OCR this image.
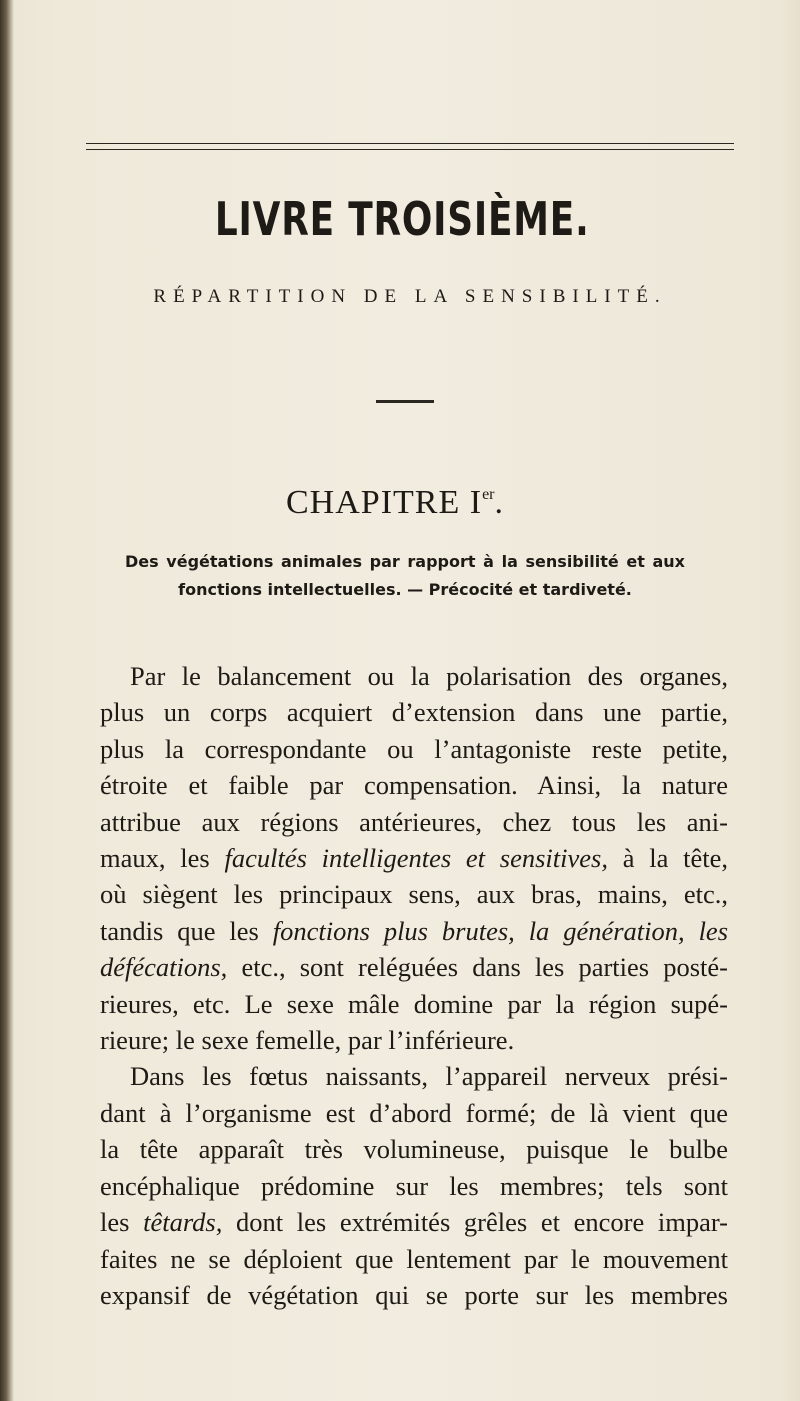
LIVRE TROISIÈME.
RÉPARTITION DE LA SENSIBILITÉ.
CHAPITRE Ier.
Des végétations animales par rapport à la sensibilité et aux fonctions intellectuelles. — Précocité et tardiveté.
Par le balancement ou la polarisation des organes,
plus un corps acquiert d’extension dans une partie,
plus la correspondante ou l’antagoniste reste petite,
étroite et faible par compensation. Ainsi, la nature
attribue aux régions antérieures, chez tous les ani-
maux, les facultés intelligentes et sensitives, à la tête,
où siègent les principaux sens, aux bras, mains, etc.,
tandis que les fonctions plus brutes, la génération, les
défécations, etc., sont reléguées dans les parties posté-
rieures, etc. Le sexe mâle domine par la région supé-
rieure; le sexe femelle, par l’inférieure.
Dans les fœtus naissants, l’appareil nerveux prési-
dant à l’organisme est d’abord formé; de là vient que
la tête apparaît très volumineuse, puisque le bulbe
encéphalique prédomine sur les membres; tels sont
les têtards, dont les extrémités grêles et encore impar-
faites ne se déploient que lentement par le mouvement
expansif de végétation qui se porte sur les membres
